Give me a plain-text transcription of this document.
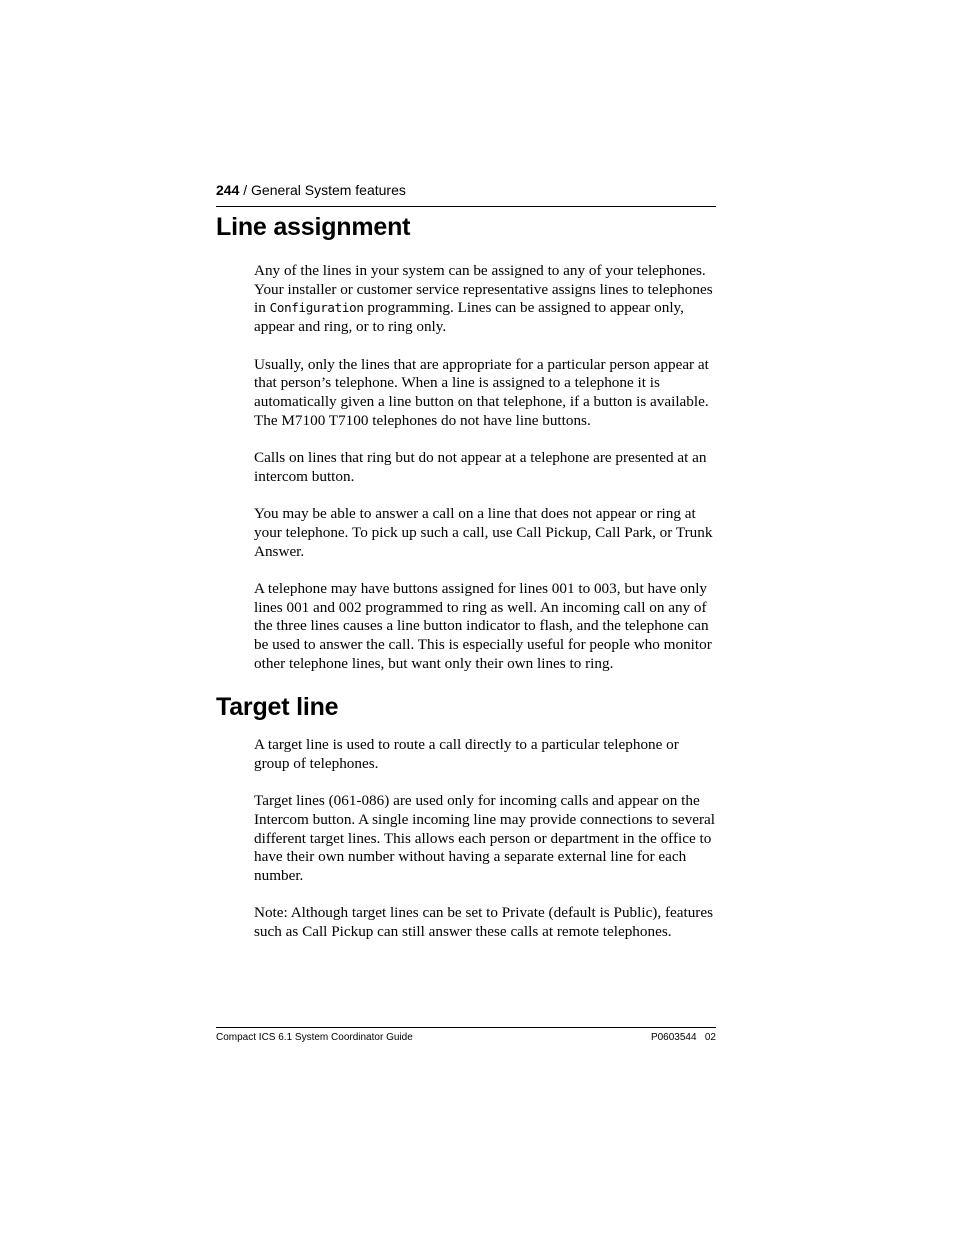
244 / General System features
Line assignment

Any of the lines in your system can be assigned to any of your telephones. Your installer or customer service representative assigns lines to telephones in Configuration programming. Lines can be assigned to appear only, appear and ring, or to ring only.

Usually, only the lines that are appropriate for a particular person appear at that person’s telephone. When a line is assigned to a telephone it is automatically given a line button on that telephone, if a button is available. The M7100 T7100 telephones do not have line buttons.

Calls on lines that ring but do not appear at a telephone are presented at an intercom button.

You may be able to answer a call on a line that does not appear or ring at your telephone. To pick up such a call, use Call Pickup, Call Park, or Trunk Answer.

A telephone may have buttons assigned for lines 001 to 003, but have only lines 001 and 002 programmed to ring as well. An incoming call on any of the three lines causes a line button indicator to flash, and the telephone can be used to answer the call. This is especially useful for people who monitor other telephone lines, but want only their own lines to ring.

Target line

A target line is used to route a call directly to a particular telephone or group of telephones.

Target lines (061-086) are used only for incoming calls and appear on the Intercom button. A single incoming line may provide connections to several different target lines. This allows each person or department in the office to have their own number without having a separate external line for each number.

Note: Although target lines can be set to Private (default is Public), features such as Call Pickup can still answer these calls at remote telephones.

Compact ICS 6.1 System Coordinator Guide	P0603544   02
